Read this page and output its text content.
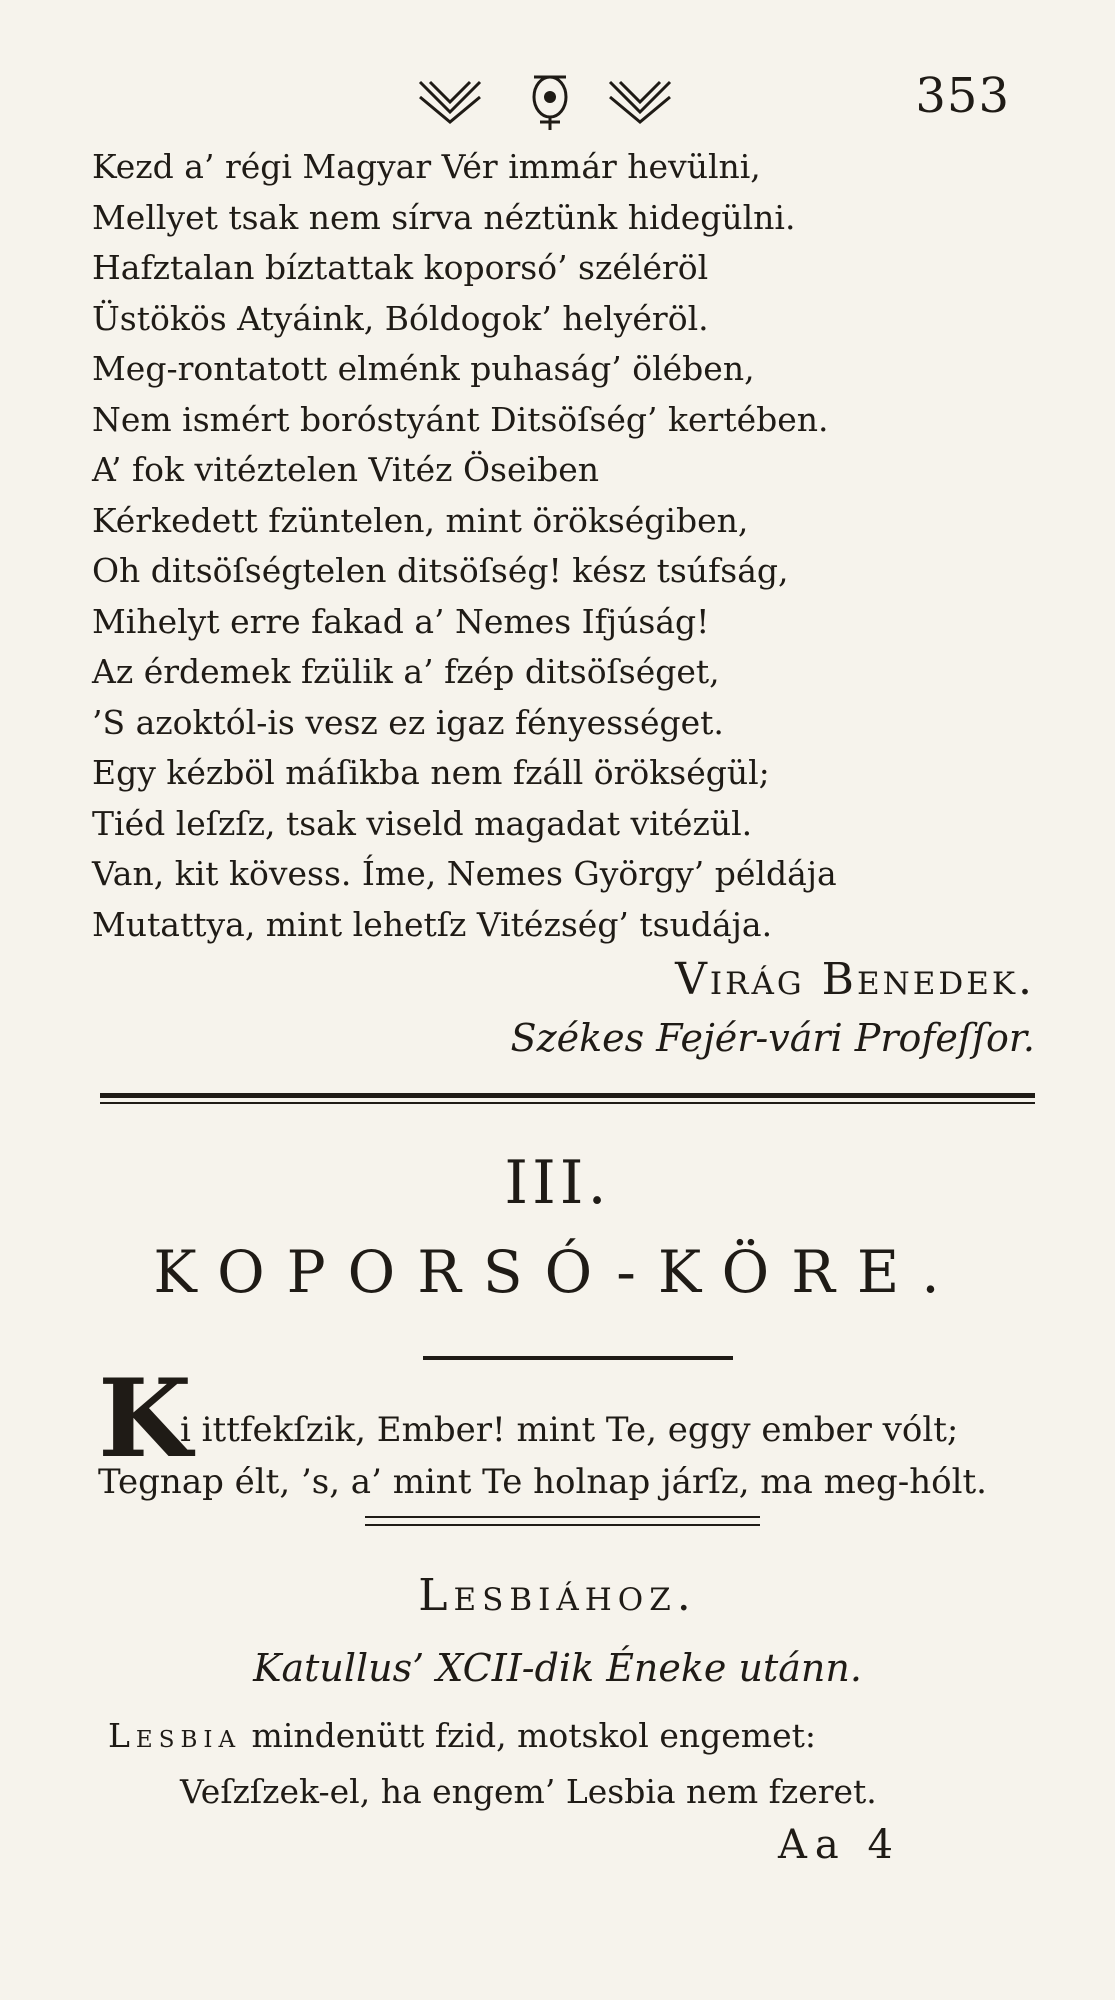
353
Kezd a’ régi Magyar Vér immár hevülni,
Mellyet tsak nem sírva néztünk hidegülni.
Hafztalan bíztattak koporsó’ széléröl
Üstökös Atyáink, Bóldogok’ helyéröl.
Meg-rontatott elménk puhaság’ ölében,
Nem ismért boróstyánt Ditsöſség’ kertében.
A’ fok vitéztelen Vitéz Öseiben
Kérkedett fzüntelen, mint örökségiben,
Oh ditsöſségtelen ditsöſség! kész tsúfság,
Mihelyt erre fakad a’ Nemes Ifjúság!
Az érdemek fzülik a’ fzép ditsöſséget,
’S azoktól-is vesz ez igaz fényességet.
Egy kézböl máſikba nem fzáll örökségül;
Tiéd leſzſz, tsak viseld magadat vitézül.
Van, kit kövess. Íme, Nemes György’ példája
Mutattya, mint lehetſz Vitézség’ tsudája.
Virág Benedek.
Székes Fejér-vári Profeſſor.
III.
KOPORSÓ-KÖRE.
K
i ittfekſzik, Ember! mint Te, eggy ember vólt;
Tegnap élt, ’s, a’ mint Te holnap járſz, ma meg-hólt.
Lesbiához.
Katullus’ XCII-dik Éneke utánn.
Lesbia mindenütt fzid, motskol engemet:
Veſzſzek-el, ha engem’ Lesbia nem fzeret.
Aa 4
